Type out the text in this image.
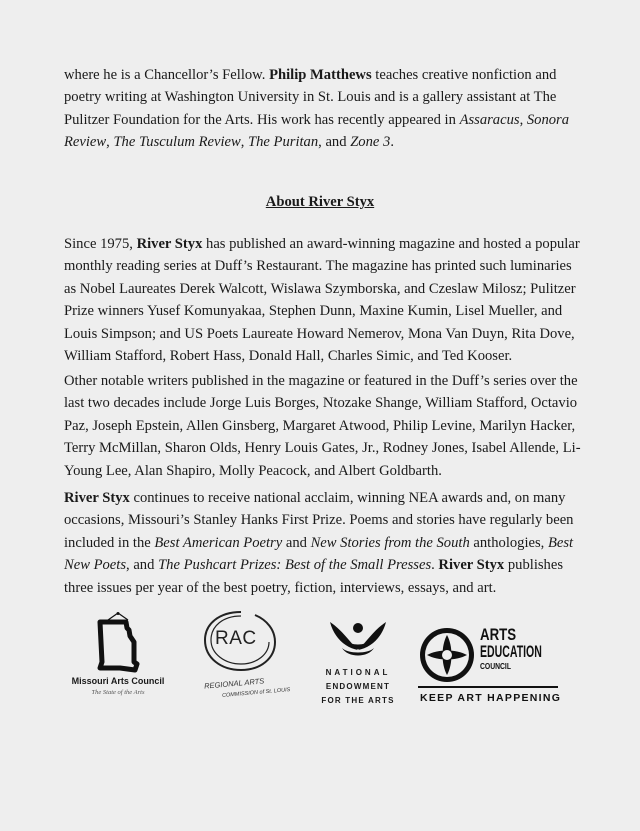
where he is a Chancellor’s Fellow. Philip Matthews teaches creative nonfiction and poetry writing at Washington University in St. Louis and is a gallery assistant at The Pulitzer Foundation for the Arts. His work has recently appeared in Assaracus, Sonora Review, The Tusculum Review, The Puritan, and Zone 3.

About River Styx

Since 1975, River Styx has published an award-winning magazine and hosted a popular monthly reading series at Duff’s Restaurant. The magazine has printed such luminaries as Nobel Laureates Derek Walcott, Wislawa Szymborska, and Czeslaw Milosz; Pulitzer Prize winners Yusef Komunyakaa, Stephen Dunn, Maxine Kumin, Lisel Mueller, and Louis Simpson; and US Poets Laureate Howard Nemerov, Mona Van Duyn, Rita Dove, William Stafford, Robert Hass, Donald Hall, Charles Simic, and Ted Kooser.

Other notable writers published in the magazine or featured in the Duff’s series over the last two decades include Jorge Luis Borges, Ntozake Shange, William Stafford, Octavio Paz, Joseph Epstein, Allen Ginsberg, Margaret Atwood, Philip Levine, Marilyn Hacker, Terry McMillan, Sharon Olds, Henry Louis Gates, Jr., Rodney Jones, Isabel Allende, Li-Young Lee, Alan Shapiro, Molly Peacock, and Albert Goldbarth.

River Styx continues to receive national acclaim, winning NEA awards and, on many occasions, Missouri’s Stanley Hanks First Prize. Poems and stories have regularly been included in the Best American Poetry and New Stories from the South anthologies, Best New Poets, and The Pushcart Prizes: Best of the Small Presses. River Styx publishes three issues per year of the best poetry, fiction, interviews, essays, and art.

Missouri Arts Council
The State of the Arts
RAC
REGIONAL ARTS
COMMISSION of St. LOUIS
NATIONAL
ENDOWMENT
FOR THE ARTS
ARTS
EDUCATION
COUNCIL
KEEP ART HAPPENING
